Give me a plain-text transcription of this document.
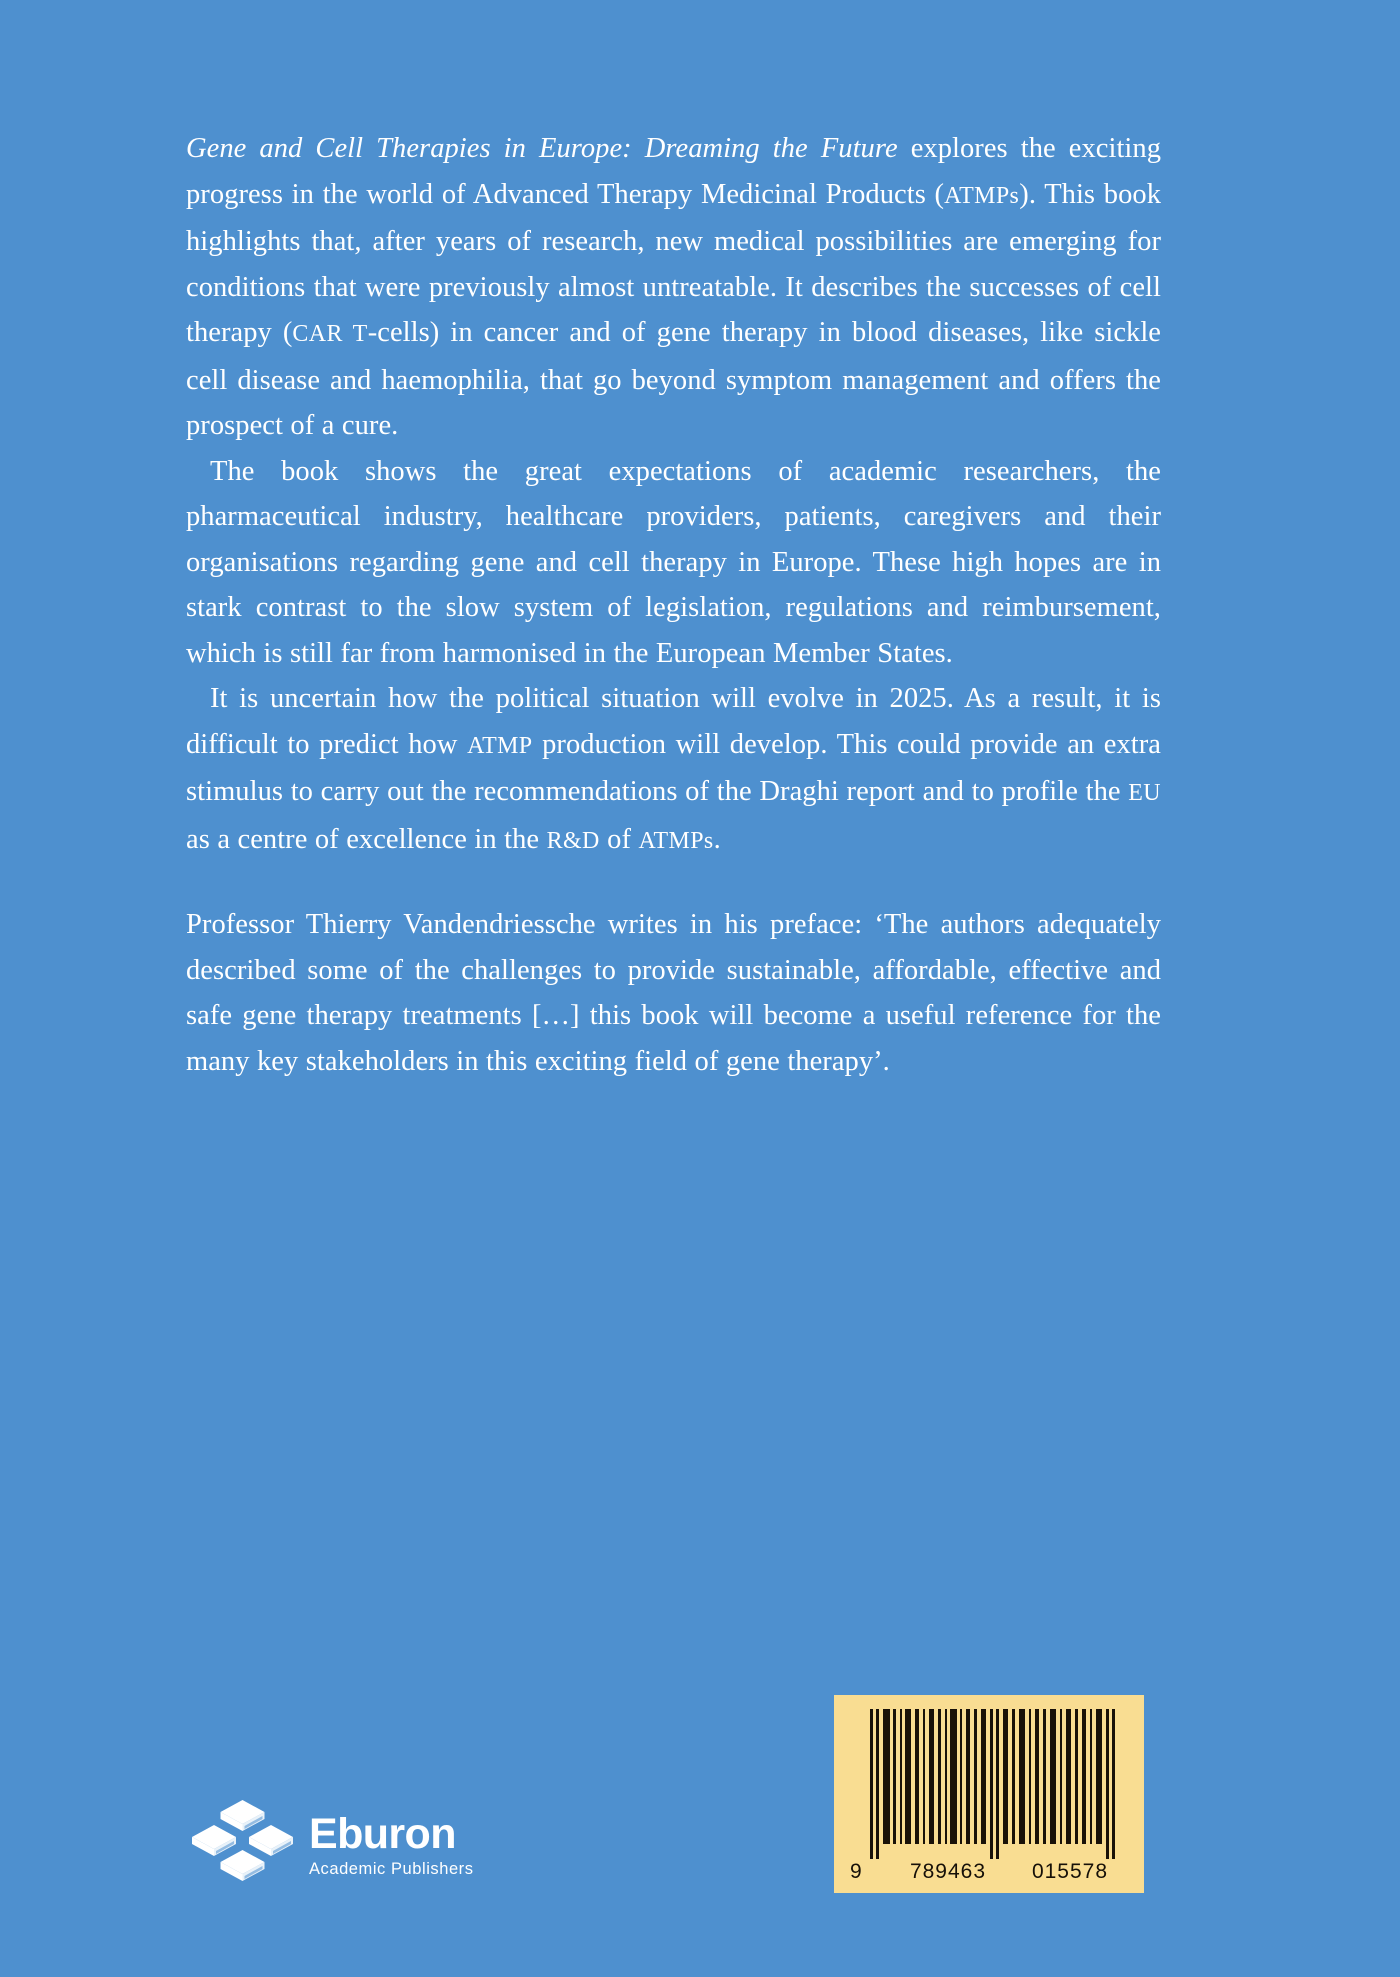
Gene and Cell Therapies in Europe: Dreaming the Future explores the exciting progress in the world of Advanced Therapy Medicinal Products (ATMPs). This book highlights that, after years of research, new medical possibilities are emerging for conditions that were previously almost untreatable. It describes the successes of cell therapy (CAR T-cells) in cancer and of gene therapy in blood diseases, like sickle cell disease and haemophilia, that go beyond symptom management and offers the prospect of a cure.

The book shows the great expectations of academic researchers, the pharmaceutical industry, healthcare providers, patients, caregivers and their organisations regarding gene and cell therapy in Europe. These high hopes are in stark contrast to the slow system of legislation, regulations and reimbursement, which is still far from harmonised in the European Member States.

It is uncertain how the political situation will evolve in 2025. As a result, it is difficult to predict how ATMP production will develop. This could provide an extra stimulus to carry out the recommendations of the Draghi report and to profile the EU as a centre of excellence in the R&D of ATMPs.

Professor Thierry Vandendriessche writes in his preface: ‘The authors adequately described some of the challenges to provide sustainable, affordable, effective and safe gene therapy treatments […] this book will become a useful reference for the many key stakeholders in this exciting field of gene therapy’.

Eburon
Academic Publishers	9	789463	015578
